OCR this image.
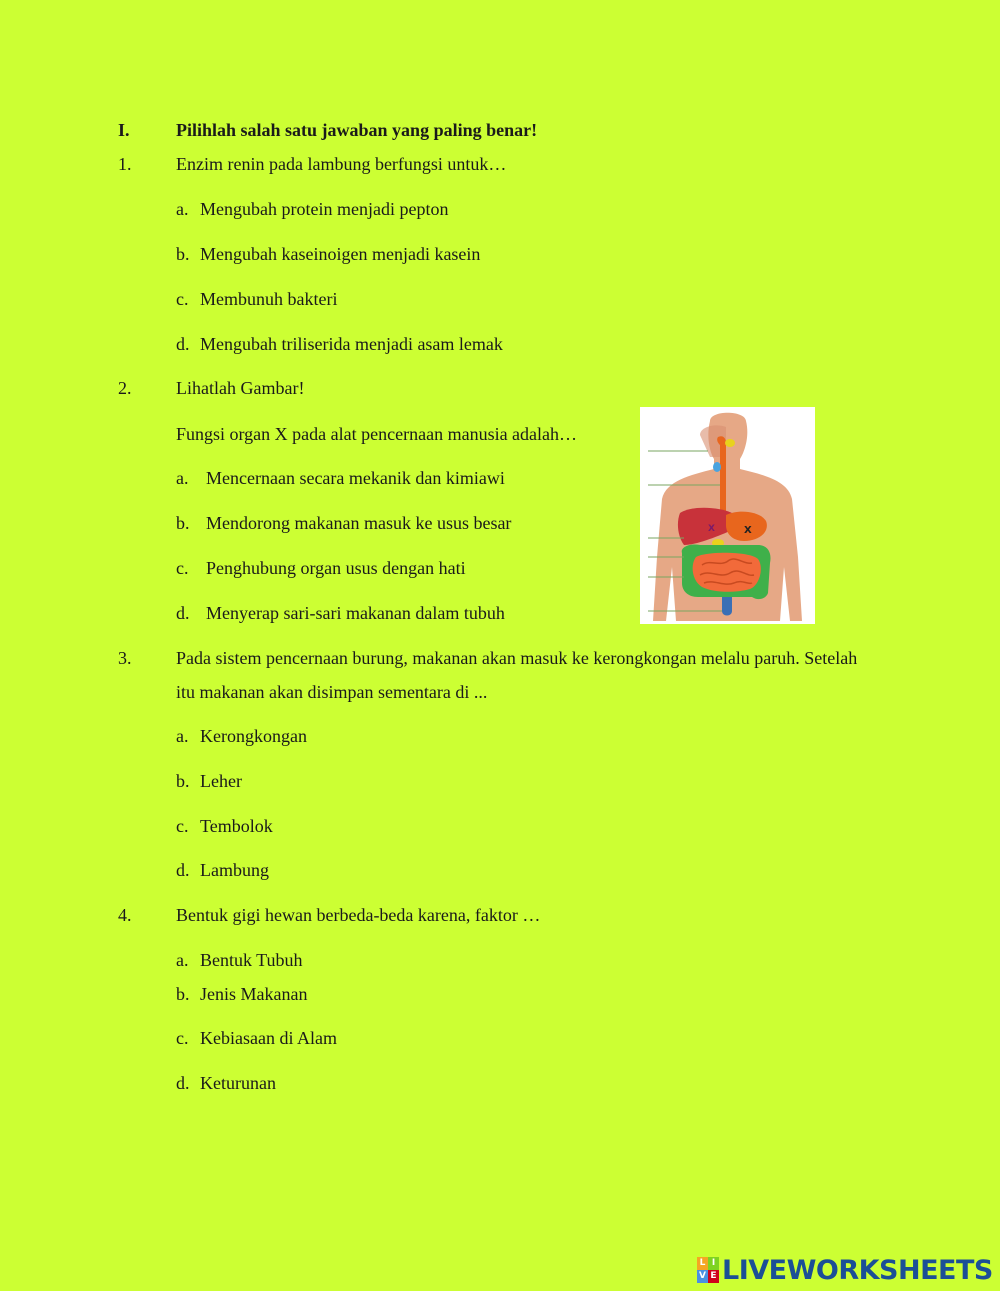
I.	Pilihlah salah satu jawaban yang paling benar!
1. Enzim renin pada lambung berfungsi untuk…
a. Mengubah protein menjadi pepton
b. Mengubah kaseinoigen menjadi kasein
c. Membunuh bakteri
d. Mengubah triliserida menjadi asam lemak
2. Lihatlah Gambar!
Fungsi organ X pada alat pencernaan manusia adalah…
a. Mencernaan secara mekanik dan kimiawi
b. Mendorong makanan masuk ke usus besar
c. Penghubung organ usus dengan hati
d. Menyerap sari-sari makanan dalam tubuh
X
X
3. Pada sistem pencernaan burung, makanan akan masuk ke kerongkongan melalu paruh. Setelah
itu makanan akan disimpan sementara di ...
a. Kerongkongan
b. Leher
c. Tembolok
d. Lambung
4. Bentuk gigi hewan berbeda-beda karena, faktor …
a. Bentuk Tubuh
b. Jenis Makanan
c. Kebiasaan di Alam
d. Keturunan
L I
V E LIVEWORKSHEETS
